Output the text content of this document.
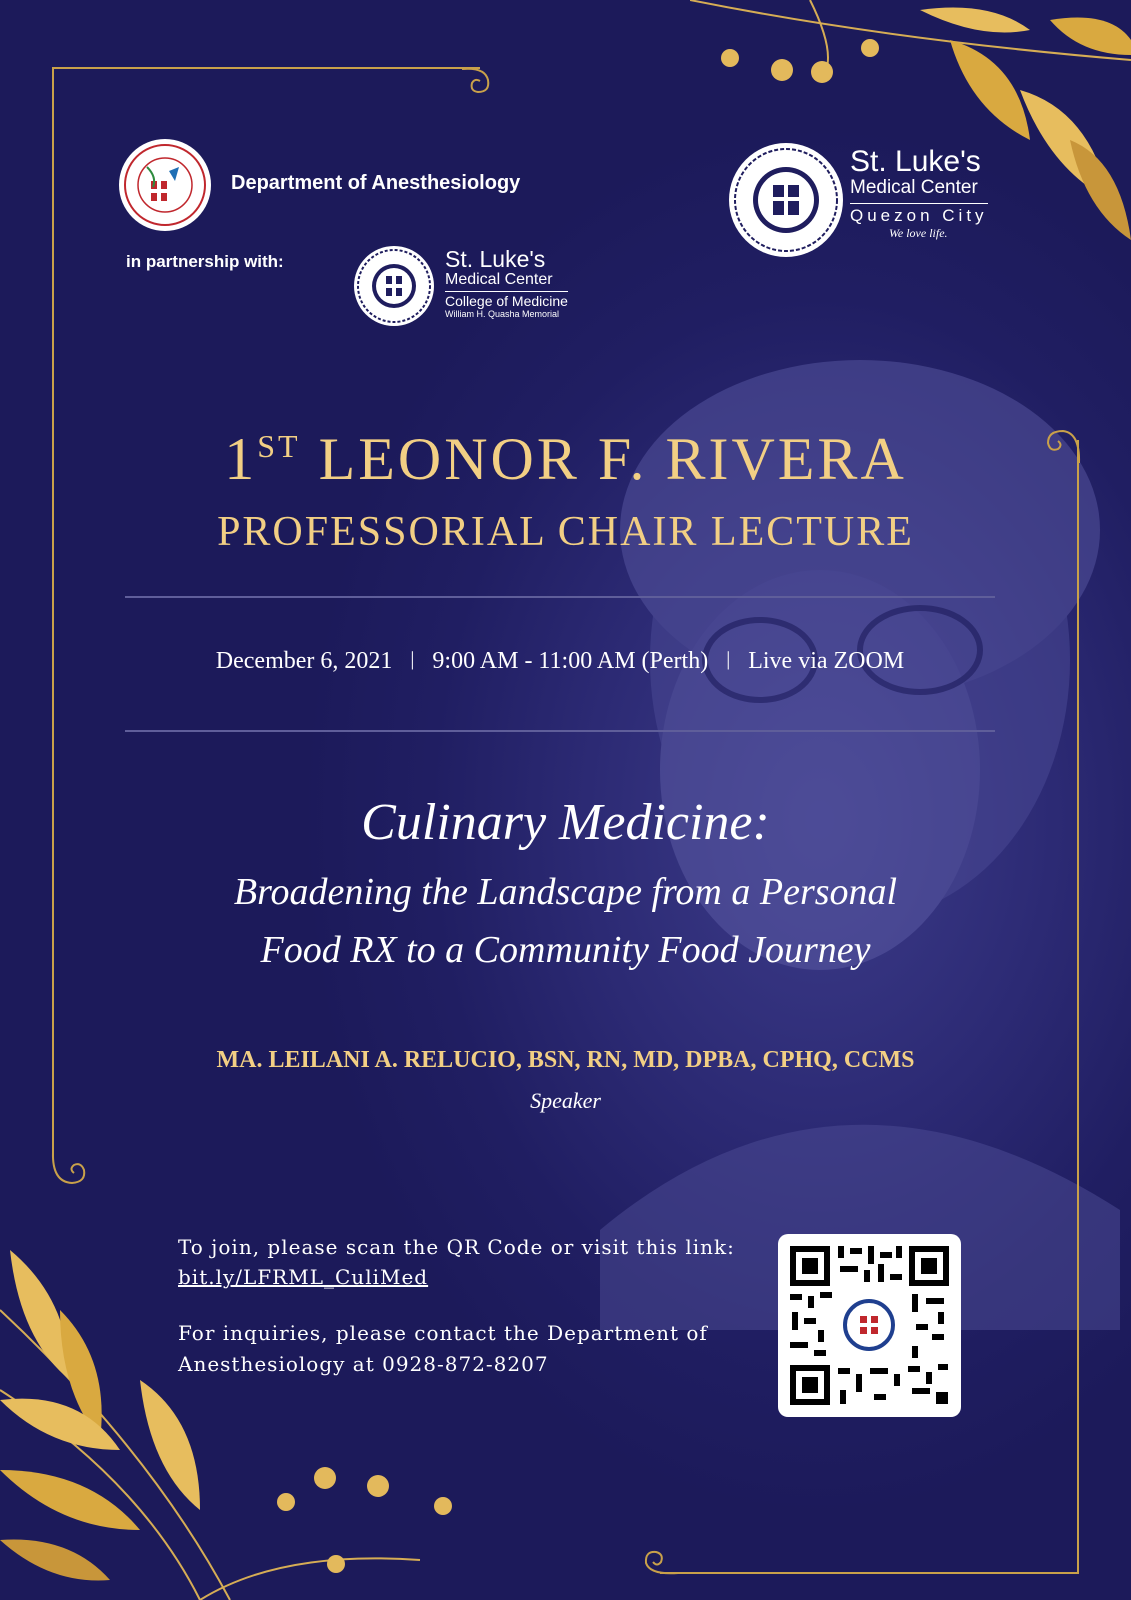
Department of Anesthesiology
in partnership with:	St. Luke's
Medical Center
College of Medicine
William H. Quasha Memorial
St. Luke's
Medical Center
Quezon City
We love life.
1ST LEONOR F. RIVERA
PROFESSORIAL CHAIR LECTURE
December 6, 2021 | 9:00 AM - 11:00 AM (Perth) | Live via ZOOM
Culinary Medicine:
Broadening the Landscape from a Personal
Food RX to a Community Food Journey
MA. LEILANI A. RELUCIO, BSN, RN, MD, DPBA, CPHQ, CCMS
Speaker
To join, please scan the QR Code or visit this link:
bit.ly/LFRML_CuliMed
For inquiries, please contact the Department of
Anesthesiology at 0928-872-8207
